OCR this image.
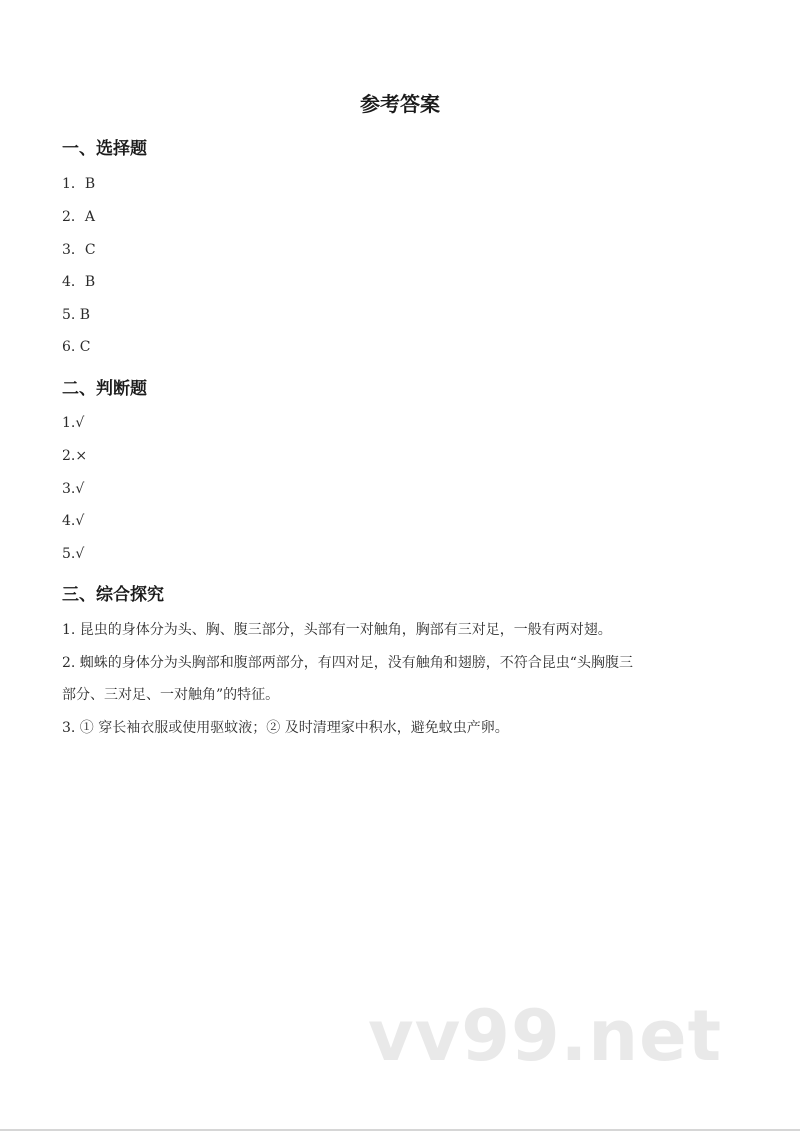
参考答案
一、选择题
1．B
2．A
3．C
4．B
5. B
6. C
二、判断题
1.√
2.×
3.√
4.√
5.√
三、综合探究
1. 昆虫的身体分为头、胸、腹三部分，头部有一对触角，胸部有三对足，一般有两对翅。
2. 蜘蛛的身体分为头胸部和腹部两部分，有四对足，没有触角和翅膀，不符合昆虫“头胸腹三
部分、三对足、一对触角”的特征。
3. ① 穿长袖衣服或使用驱蚊液；② 及时清理家中积水，避免蚊虫产卵。
vv99.net
